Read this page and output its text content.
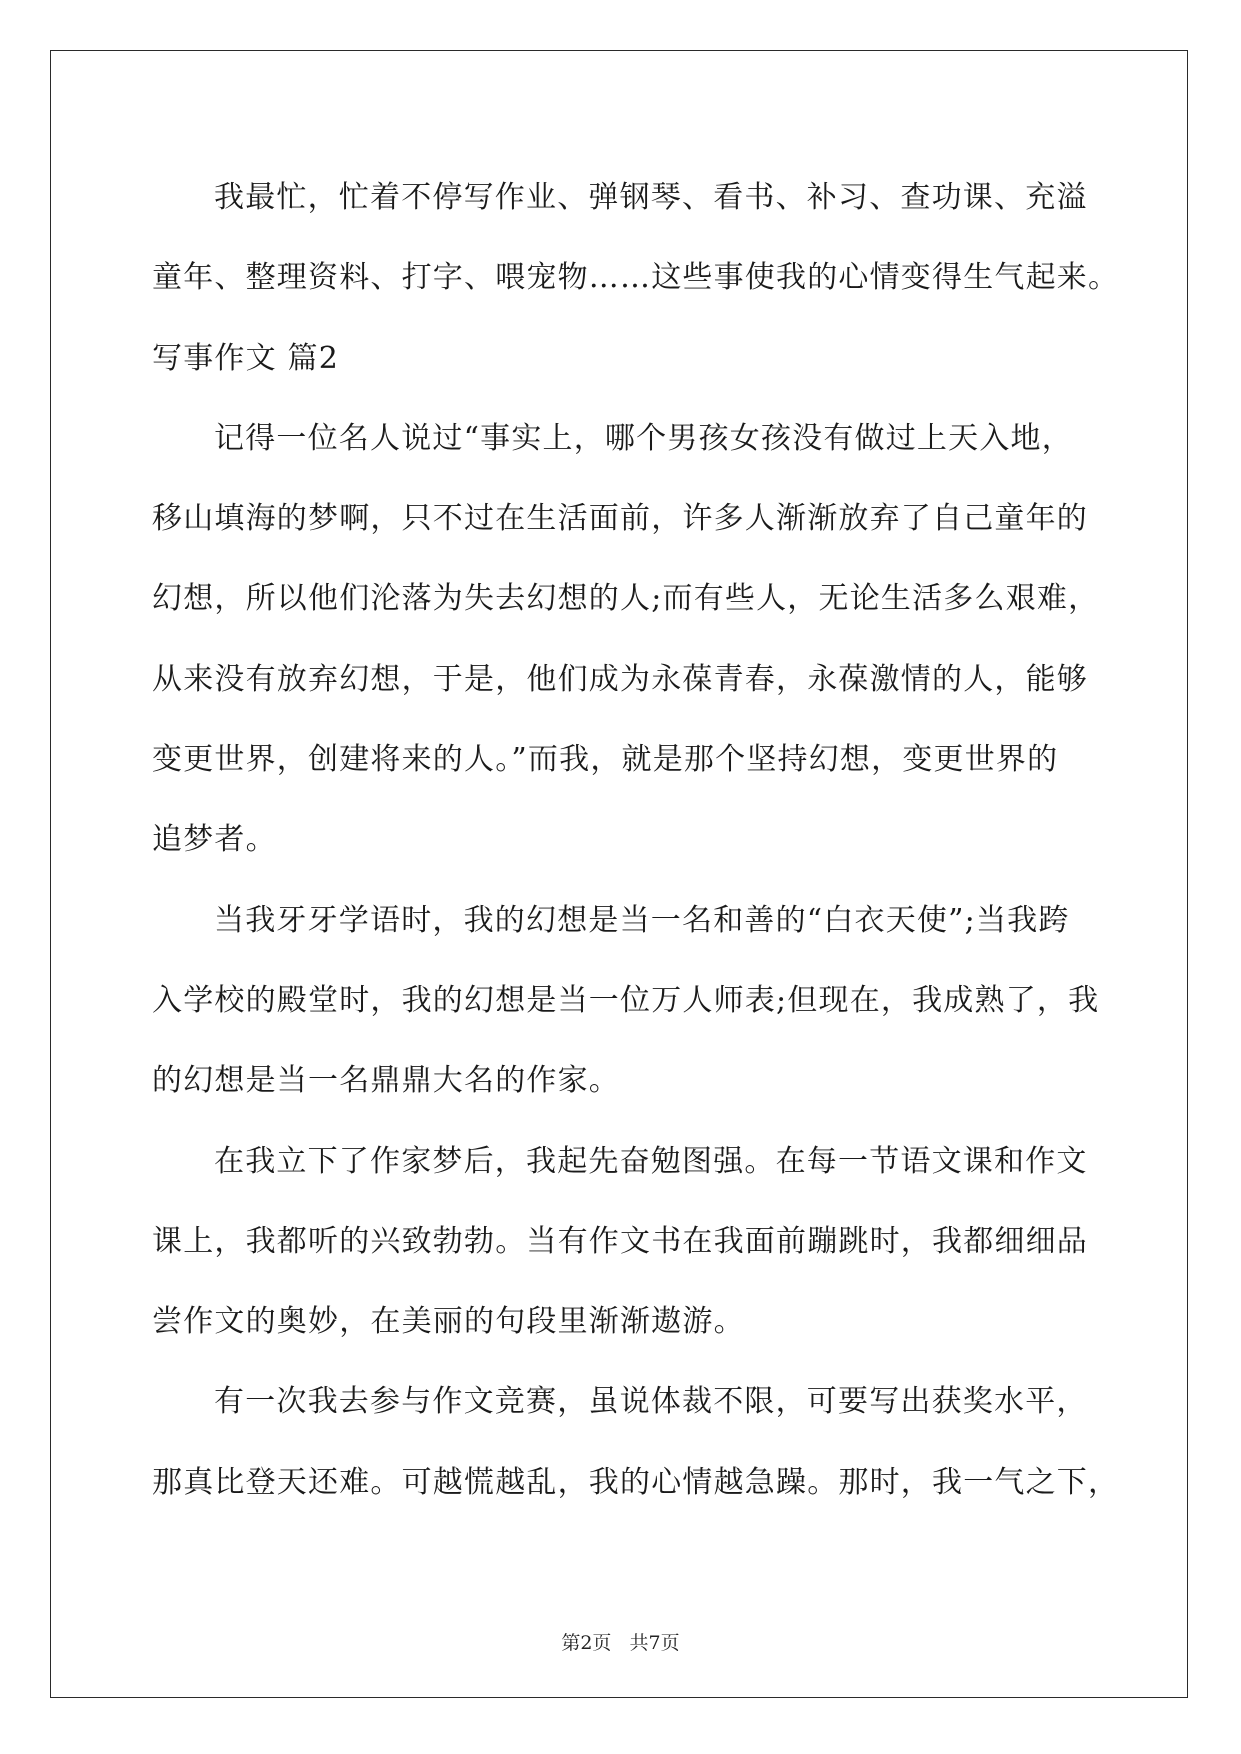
我最忙，忙着不停写作业、弹钢琴、看书、补习、查功课、充溢
童年、整理资料、打字、喂宠物……这些事使我的心情变得生气起来。
写事作文 篇2
记得一位名人说过“事实上，哪个男孩女孩没有做过上天入地，
移山填海的梦啊，只不过在生活面前，许多人渐渐放弃了自己童年的
幻想，所以他们沦落为失去幻想的人;而有些人，无论生活多么艰难，
从来没有放弃幻想，于是，他们成为永葆青春，永葆激情的人，能够
变更世界，创建将来的人。”而我，就是那个坚持幻想，变更世界的
追梦者。
当我牙牙学语时，我的幻想是当一名和善的“白衣天使”;当我跨
入学校的殿堂时，我的幻想是当一位万人师表;但现在，我成熟了，我
的幻想是当一名鼎鼎大名的作家。
在我立下了作家梦后，我起先奋勉图强。在每一节语文课和作文
课上，我都听的兴致勃勃。当有作文书在我面前蹦跳时，我都细细品
尝作文的奥妙，在美丽的句段里渐渐遨游。
有一次我去参与作文竞赛，虽说体裁不限，可要写出获奖水平，
那真比登天还难。可越慌越乱，我的心情越急躁。那时，我一气之下，
第2页   共7页
